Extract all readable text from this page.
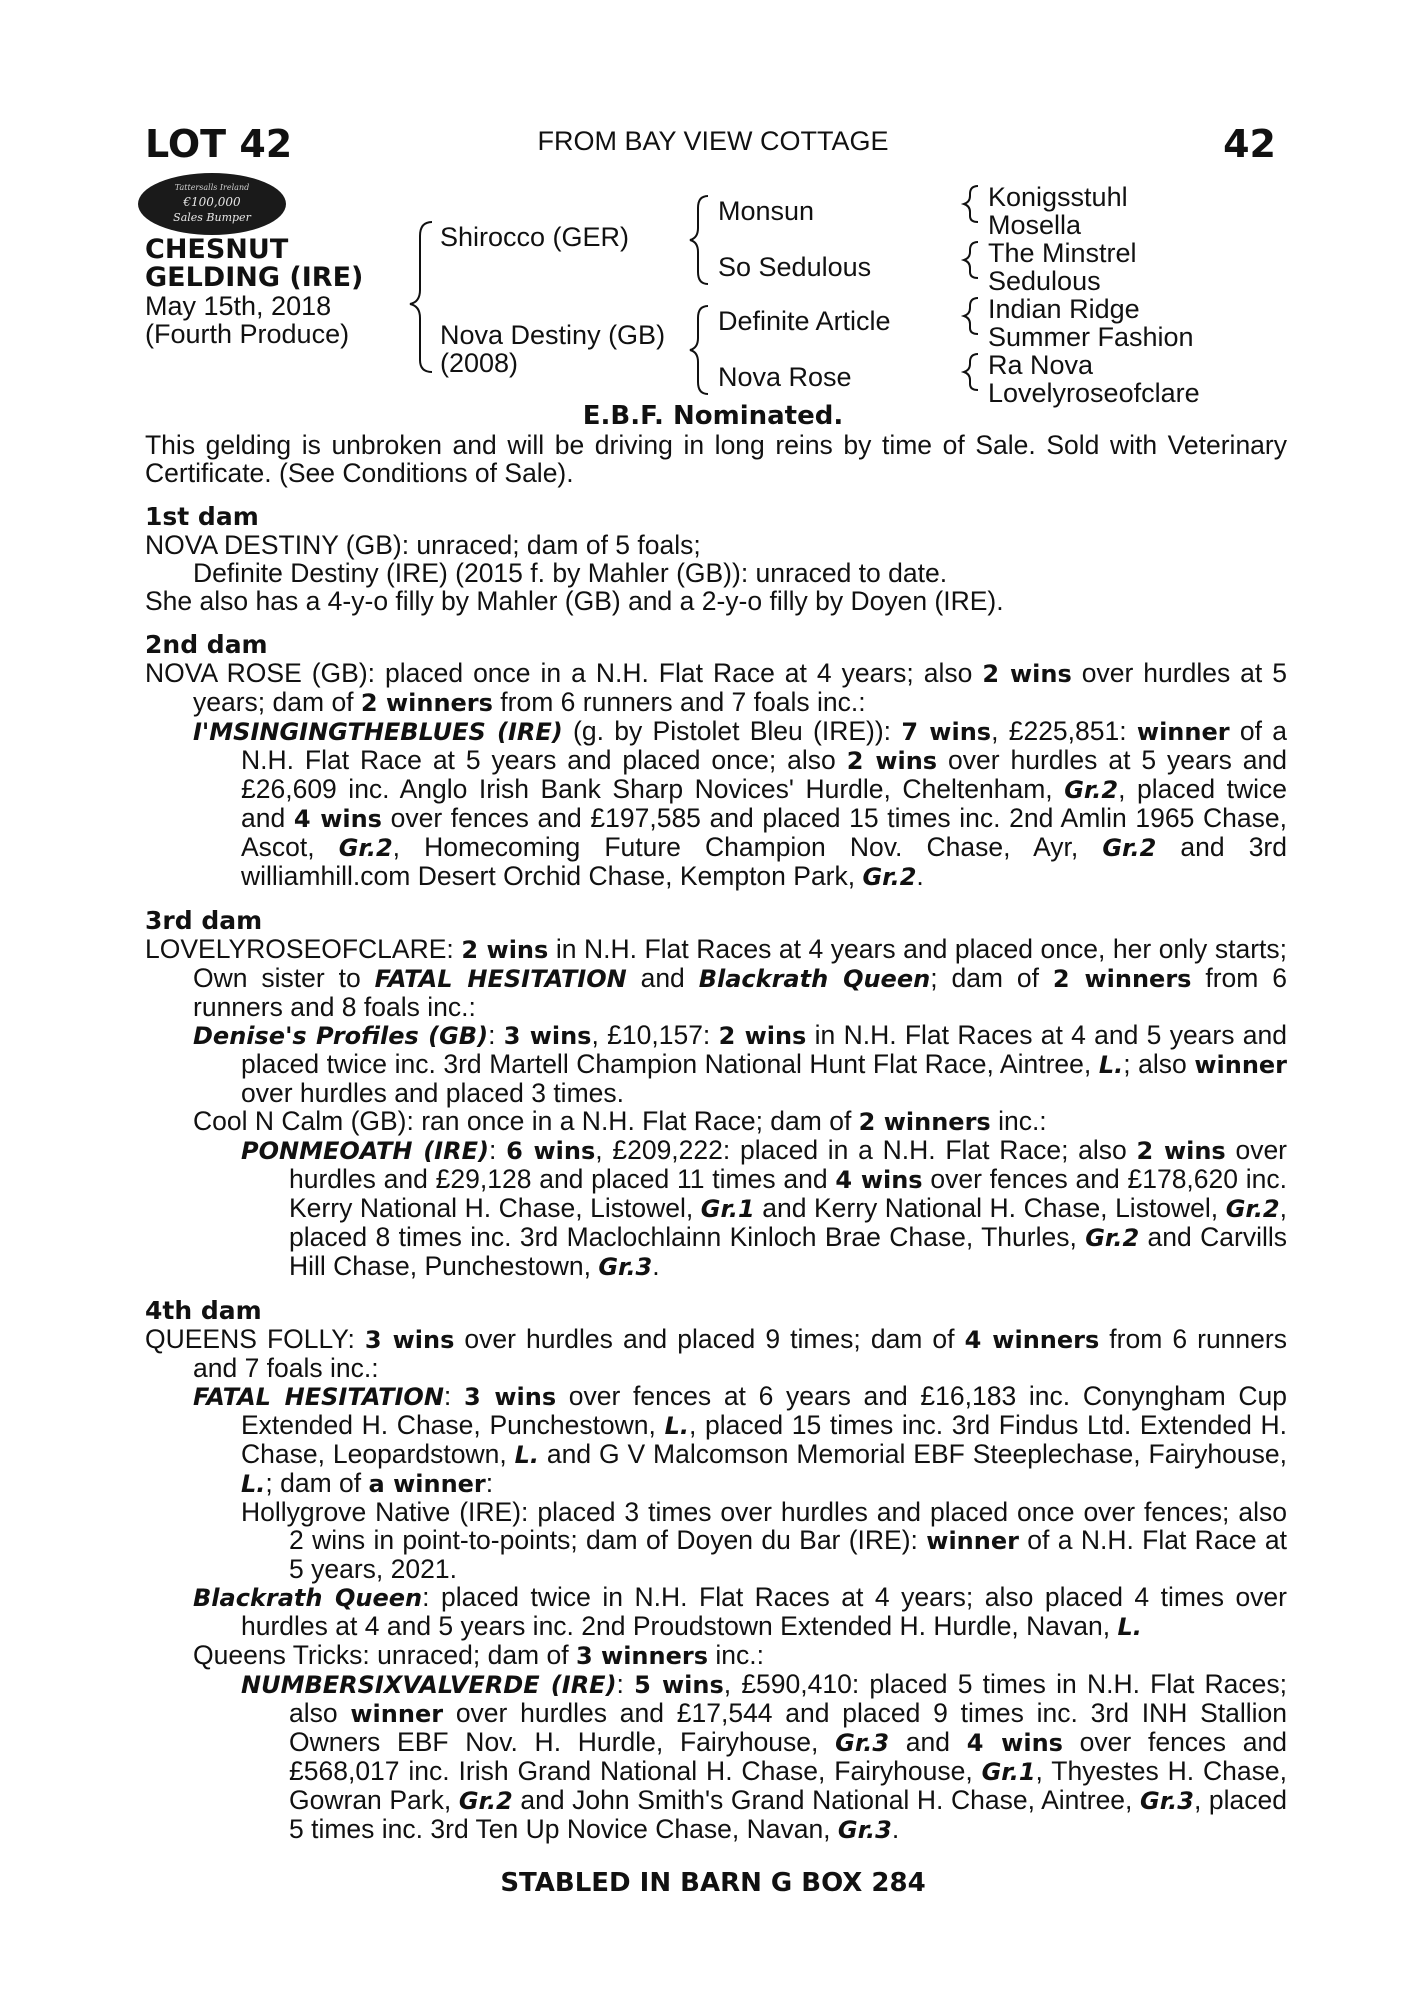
LOT 42	FROM BAY VIEW COTTAGE	42
Tattersalls Ireland
€100,000
Sales Bumper
CHESNUT
GELDING (IRE)
May 15th, 2018
(Fourth Produce)
Shirocco (GER)
Nova Destiny (GB)
(2008)
Monsun
So Sedulous
Definite Article
Nova Rose
Konigsstuhl
Mosella
The Minstrel
Sedulous
Indian Ridge
Summer Fashion
Ra Nova
Lovelyroseofclare
E.B.F. Nominated.

This gelding is unbroken and will be driving in long reins by time of Sale. Sold with Veterinary Certificate. (See Conditions of Sale).

1st dam

NOVA DESTINY (GB): unraced; dam of 5 foals;

Definite Destiny (IRE) (2015 f. by Mahler (GB)): unraced to date.

She also has a 4-y-o filly by Mahler (GB) and a 2-y-o filly by Doyen (IRE).

2nd dam

NOVA ROSE (GB): placed once in a N.H. Flat Race at 4 years; also 2 wins over hurdles at 5 years; dam of 2 winners from 6 runners and 7 foals inc.:

I'MSINGINGTHEBLUES (IRE) (g. by Pistolet Bleu (IRE)): 7 wins, £225,851: winner of a N.H. Flat Race at 5 years and placed once; also 2 wins over hurdles at 5 years and £26,609 inc. Anglo Irish Bank Sharp Novices' Hurdle, Cheltenham, Gr.2, placed twice and 4 wins over fences and £197,585 and placed 15 times inc. 2nd Amlin 1965 Chase, Ascot, Gr.2, Homecoming Future Champion Nov. Chase, Ayr, Gr.2 and 3rd williamhill.com Desert Orchid Chase, Kempton Park, Gr.2.

3rd dam

LOVELYROSEOFCLARE: 2 wins in N.H. Flat Races at 4 years and placed once, her only starts; Own sister to FATAL HESITATION and Blackrath Queen; dam of 2 winners from 6 runners and 8 foals inc.:

Denise's Profiles (GB): 3 wins, £10,157: 2 wins in N.H. Flat Races at 4 and 5 years and placed twice inc. 3rd Martell Champion National Hunt Flat Race, Aintree, L.; also winner over hurdles and placed 3 times.

Cool N Calm (GB): ran once in a N.H. Flat Race; dam of 2 winners inc.:

PONMEOATH (IRE): 6 wins, £209,222: placed in a N.H. Flat Race; also 2 wins over hurdles and £29,128 and placed 11 times and 4 wins over fences and £178,620 inc. Kerry National H. Chase, Listowel, Gr.1 and Kerry National H. Chase, Listowel, Gr.2, placed 8 times inc. 3rd Maclochlainn Kinloch Brae Chase, Thurles, Gr.2 and Carvills Hill Chase, Punchestown, Gr.3.

4th dam

QUEENS FOLLY: 3 wins over hurdles and placed 9 times; dam of 4 winners from 6 runners and 7 foals inc.:

FATAL HESITATION: 3 wins over fences at 6 years and £16,183 inc. Conyngham Cup Extended H. Chase, Punchestown, L., placed 15 times inc. 3rd Findus Ltd. Extended H. Chase, Leopardstown, L. and G V Malcomson Memorial EBF Steeplechase, Fairyhouse, L.; dam of a winner:

Hollygrove Native (IRE): placed 3 times over hurdles and placed once over fences; also 2 wins in point-to-points; dam of Doyen du Bar (IRE): winner of a N.H. Flat Race at 5 years, 2021.

Blackrath Queen: placed twice in N.H. Flat Races at 4 years; also placed 4 times over hurdles at 4 and 5 years inc. 2nd Proudstown Extended H. Hurdle, Navan, L.

Queens Tricks: unraced; dam of 3 winners inc.:

NUMBERSIXVALVERDE (IRE): 5 wins, £590,410: placed 5 times in N.H. Flat Races; also winner over hurdles and £17,544 and placed 9 times inc. 3rd INH Stallion Owners EBF Nov. H. Hurdle, Fairyhouse, Gr.3 and 4 wins over fences and £568,017 inc. Irish Grand National H. Chase, Fairyhouse, Gr.1, Thyestes H. Chase, Gowran Park, Gr.2 and John Smith's Grand National H. Chase, Aintree, Gr.3, placed 5 times inc. 3rd Ten Up Novice Chase, Navan, Gr.3.

STABLED IN BARN G BOX 284
